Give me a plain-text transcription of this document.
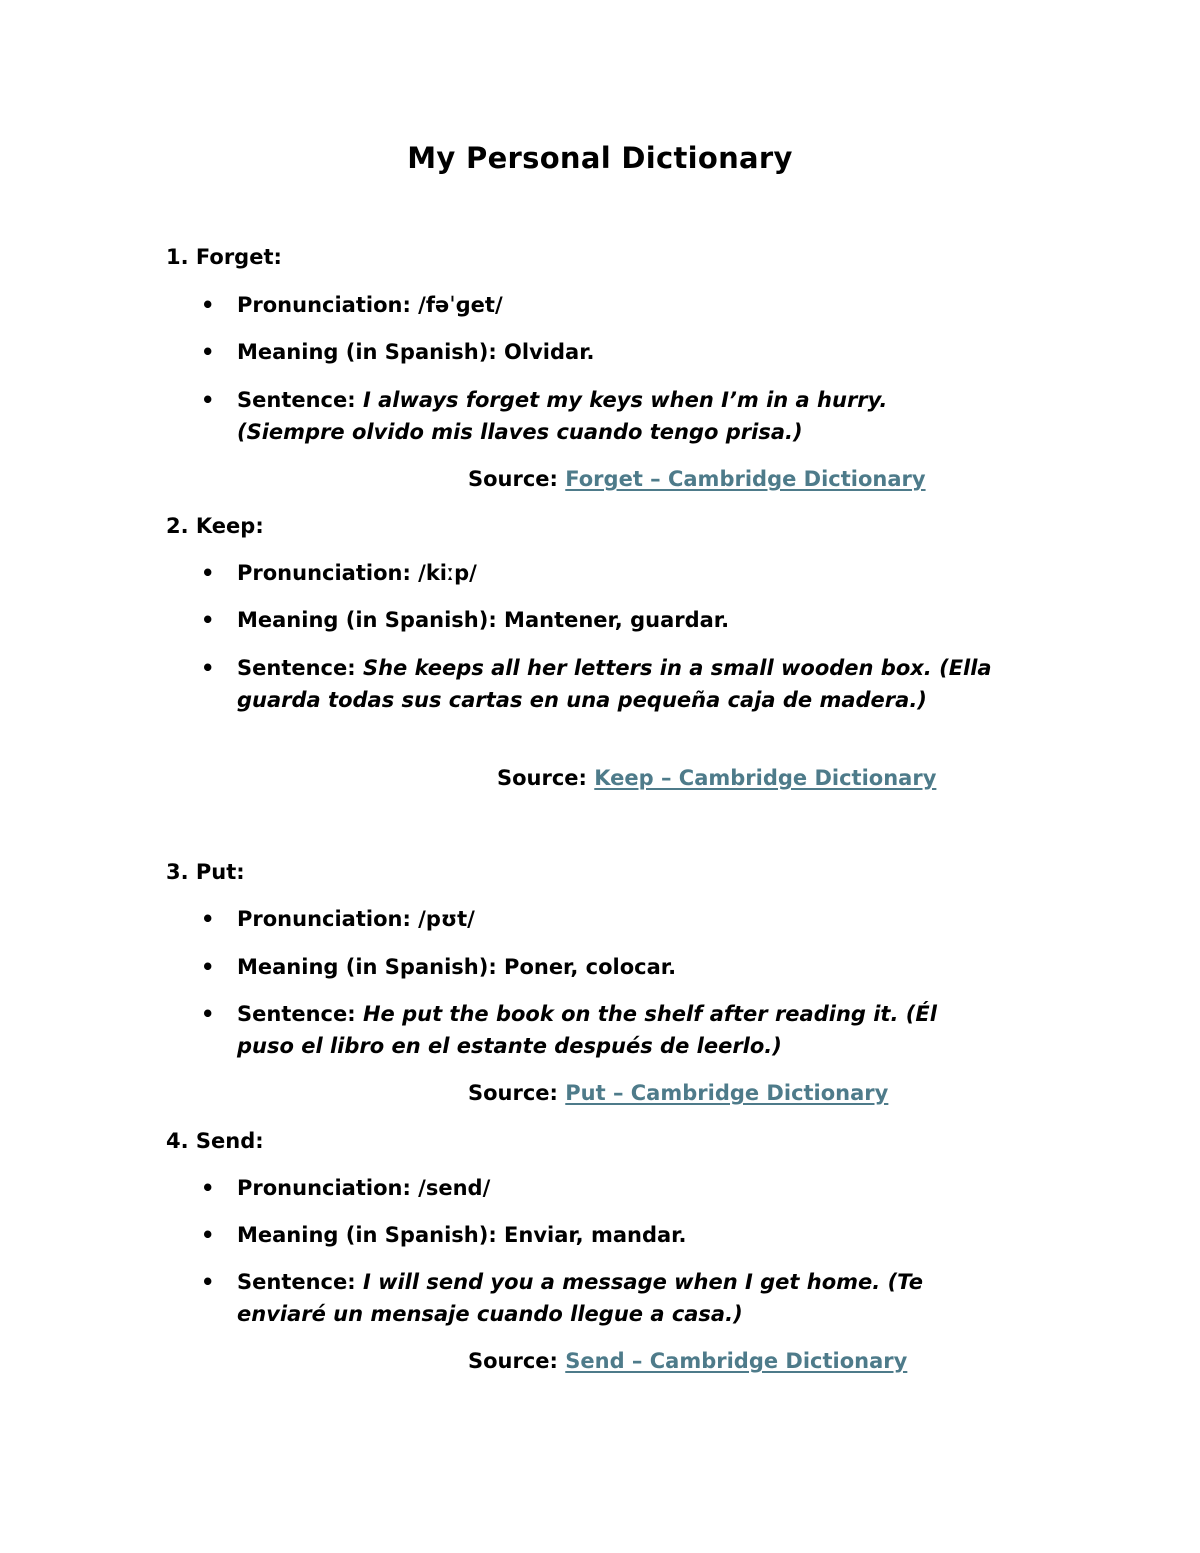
My Personal Dictionary
1. Forget:
• Pronunciation: /fəˈɡet/
• Meaning (in Spanish): Olvidar.
• Sentence: I always forget my keys when I’m in a hurry. (Siempre olvido mis llaves cuando tengo prisa.)
Source: Forget – Cambridge Dictionary
2. Keep:
• Pronunciation: /kiːp/
• Meaning (in Spanish): Mantener, guardar.
• Sentence: She keeps all her letters in a small wooden box. (Ella guarda todas sus cartas en una pequeña caja de madera.)
Source: Keep – Cambridge Dictionary
3. Put:
• Pronunciation: /pʊt/
• Meaning (in Spanish): Poner, colocar.
• Sentence: He put the book on the shelf after reading it. (Él puso el libro en el estante después de leerlo.)
Source: Put – Cambridge Dictionary
4. Send:
• Pronunciation: /send/
• Meaning (in Spanish): Enviar, mandar.
• Sentence: I will send you a message when I get home. (Te enviaré un mensaje cuando llegue a casa.)
Source: Send – Cambridge Dictionary
